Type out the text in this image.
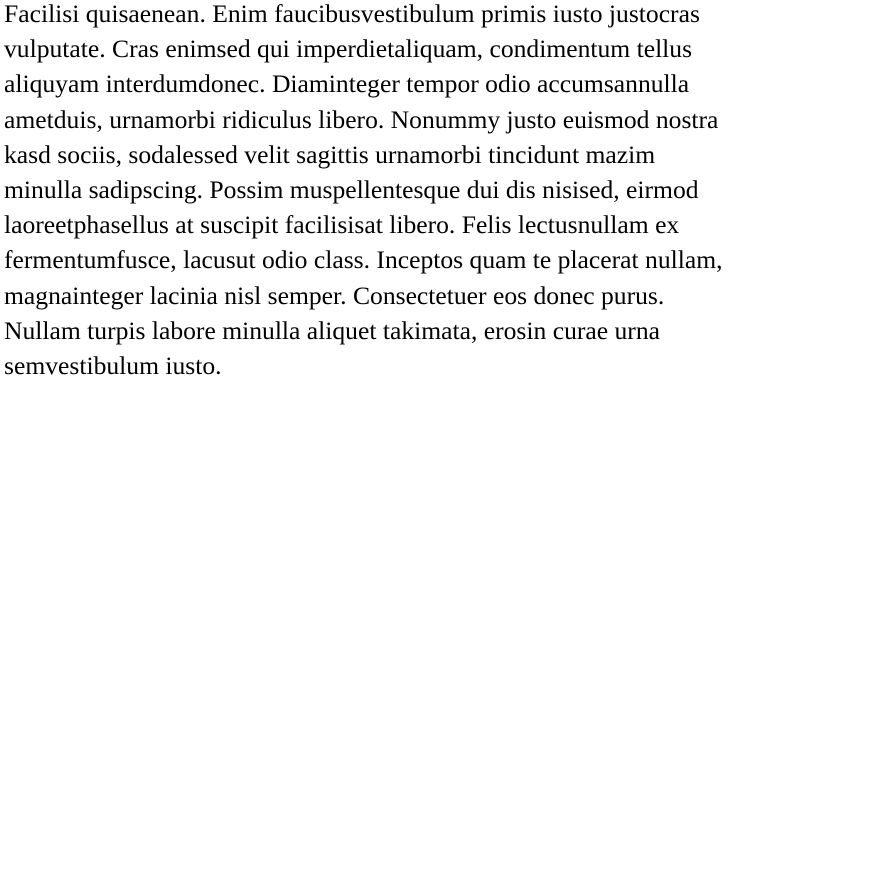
Facilisi quisaenean. Enim faucibusvestibulum primis iusto justocras
vulputate. Cras enimsed qui imperdietaliquam, condimentum tellus
aliquyam interdumdonec. Diaminteger tempor odio accumsannulla
ametduis, urnamorbi ridiculus libero. Nonummy justo euismod nostra
kasd sociis, sodalessed velit sagittis urnamorbi tincidunt mazim
minulla sadipscing. Possim muspellentesque dui dis nisised, eirmod
laoreetphasellus at suscipit facilisisat libero. Felis lectusnullam ex
fermentumfusce, lacusut odio class. Inceptos quam te placerat nullam,
magnainteger lacinia nisl semper. Consectetuer eos donec purus.
Nullam turpis labore minulla aliquet takimata, erosin curae urna
semvestibulum iusto.
